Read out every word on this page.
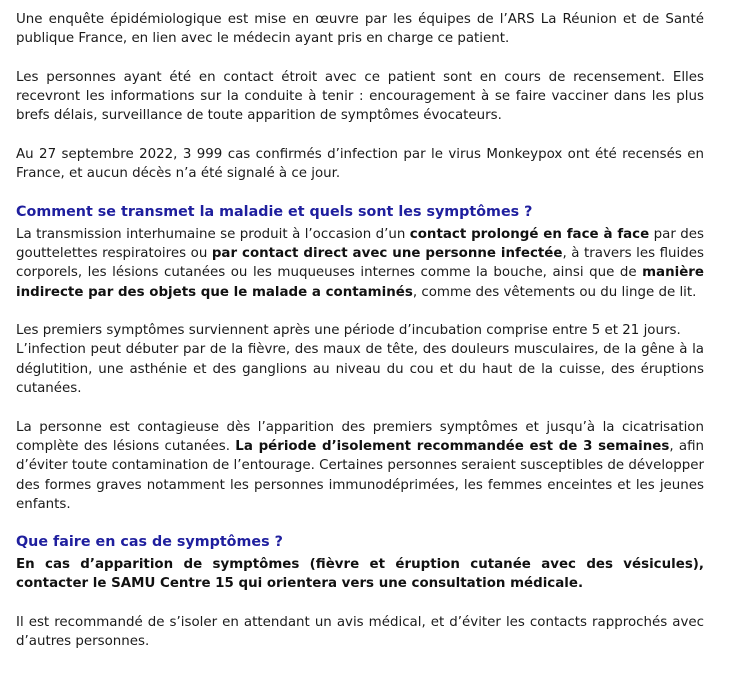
Une enquête épidémiologique est mise en œuvre par les équipes de l’ARS La Réunion et de Santé publique France, en lien avec le médecin ayant pris en charge ce patient.

Les personnes ayant été en contact étroit avec ce patient sont en cours de recensement. Elles recevront les informations sur la conduite à tenir : encouragement à se faire vacciner dans les plus brefs délais, surveillance de toute apparition de symptômes évocateurs.

Au 27 septembre 2022, 3 999 cas confirmés d’infection par le virus Monkeypox ont été recensés en France, et aucun décès n’a été signalé à ce jour.

Comment se transmet la maladie et quels sont les symptômes ?

La transmission interhumaine se produit à l’occasion d’un contact prolongé en face à face par des gouttelettes respiratoires ou par contact direct avec une personne infectée, à travers les fluides corporels, les lésions cutanées ou les muqueuses internes comme la bouche, ainsi que de manière indirecte par des objets que le malade a contaminés, comme des vêtements ou du linge de lit.

Les premiers symptômes surviennent après une période d’incubation comprise entre 5 et 21 jours.
L’infection peut débuter par de la fièvre, des maux de tête, des douleurs musculaires, de la gêne à la déglutition, une asthénie et des ganglions au niveau du cou et du haut de la cuisse, des éruptions cutanées.

La personne est contagieuse dès l’apparition des premiers symptômes et jusqu’à la cicatrisation complète des lésions cutanées. La période d’isolement recommandée est de 3 semaines, afin d’éviter toute contamination de l’entourage. Certaines personnes seraient susceptibles de développer des formes graves notamment les personnes immunodéprimées, les femmes enceintes et les jeunes enfants.

Que faire en cas de symptômes ?

En cas d’apparition de symptômes (fièvre et éruption cutanée avec des vésicules), contacter le SAMU Centre 15 qui orientera vers une consultation médicale.

Il est recommandé de s’isoler en attendant un avis médical, et d’éviter les contacts rapprochés avec d’autres personnes.
